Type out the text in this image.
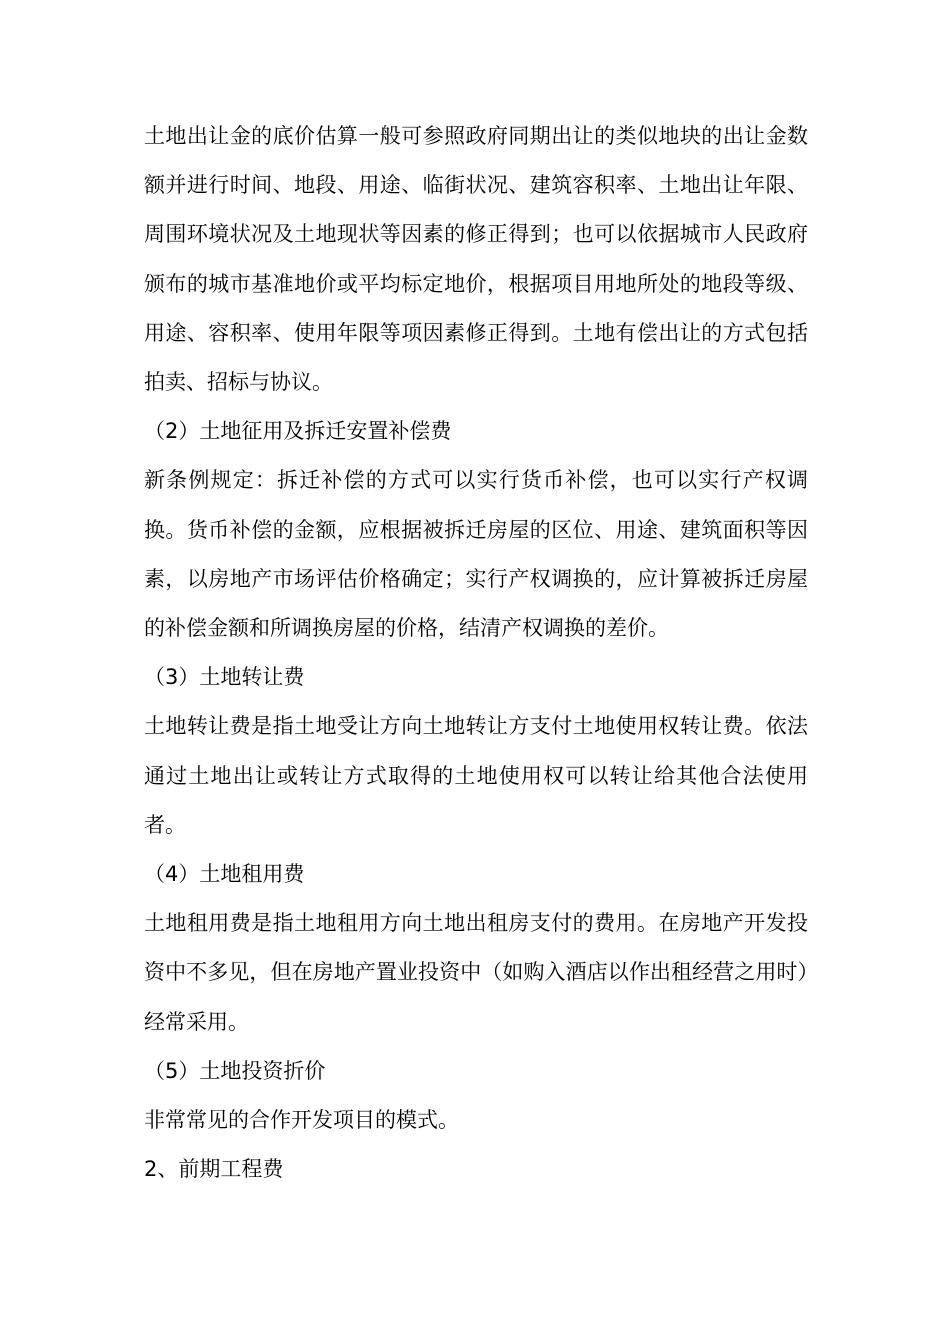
土地出让金的底价估算一般可参照政府同期出让的类似地块的出让金数额并进行时间、地段、用途、临街状况、建筑容积率、土地出让年限、周围环境状况及土地现状等因素的修正得到；也可以依据城市人民政府颁布的城市基准地价或平均标定地价，根据项目用地所处的地段等级、用途、容积率、使用年限等项因素修正得到。土地有偿出让的方式包括拍卖、招标与协议。

（2）土地征用及拆迁安置补偿费

新条例规定：拆迁补偿的方式可以实行货币补偿，也可以实行产权调换。货币补偿的金额，应根据被拆迁房屋的区位、用途、建筑面积等因素，以房地产市场评估价格确定；实行产权调换的，应计算被拆迁房屋的补偿金额和所调换房屋的价格，结清产权调换的差价。

（3）土地转让费

土地转让费是指土地受让方向土地转让方支付土地使用权转让费。依法通过土地出让或转让方式取得的土地使用权可以转让给其他合法使用者。

（4）土地租用费

土地租用费是指土地租用方向土地出租房支付的费用。在房地产开发投资中不多见，但在房地产置业投资中（如购入酒店以作出租经营之用时）经常采用。

（5）土地投资折价

非常常见的合作开发项目的模式。

2、前期工程费
